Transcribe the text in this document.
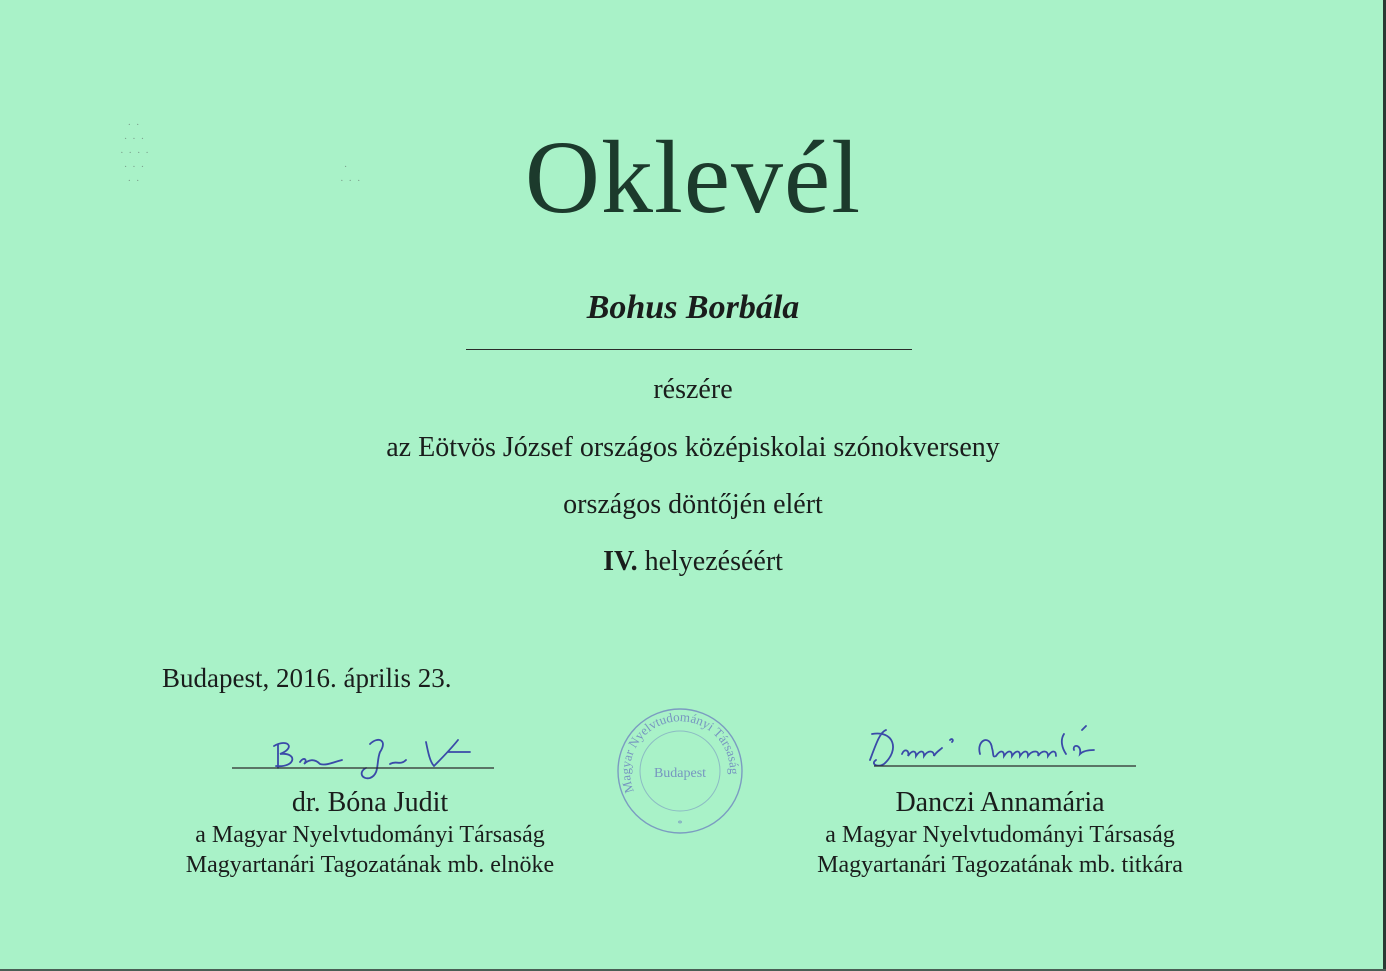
· ·
· · ·
· · · ·
· · ·
· ·
·
· · ·	Oklevél
Bohus Borbála
részére
az Eötvös József országos középiskolai szónokverseny
országos döntőjén elért
IV. helyezéséért
Budapest, 2016. április 23.
dr. Bóna Judit
a Magyar Nyelvtudományi Társaság
Magyartanári Tagozatának mb. elnöke
Magyar Nyelvtudományi Társaság
Budapest
*
Danczi Annamária
a Magyar Nyelvtudományi Társaság
Magyartanári Tagozatának mb. titkára
